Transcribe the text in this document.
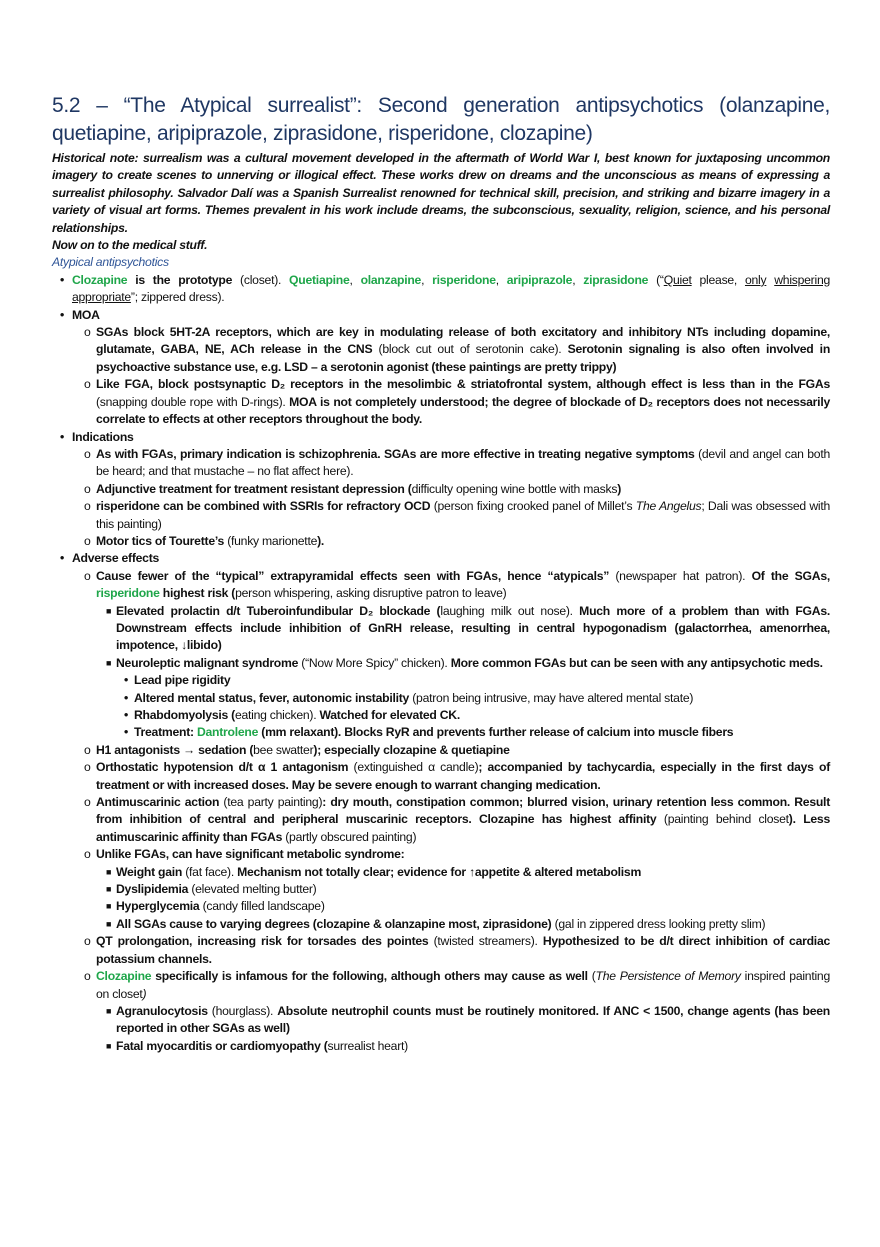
5.2 – “The Atypical surrealist”: Second generation antipsychotics (olanzapine, quetiapine, aripiprazole, ziprasidone, risperidone, clozapine)
Historical note: surrealism was a cultural movement developed in the aftermath of World War I, best known for juxtaposing uncommon imagery to create scenes to unnerving or illogical effect. These works drew on dreams and the unconscious as means of expressing a surrealist philosophy. Salvador Dalí was a Spanish Surrealist renowned for technical skill, precision, and striking and bizarre imagery in a variety of visual art forms. Themes prevalent in his work include dreams, the subconscious, sexuality, religion, science, and his personal relationships.
Now on to the medical stuff.
Atypical antipsychotics
• Clozapine is the prototype (closet). Quetiapine, olanzapine, risperidone, aripiprazole, ziprasidone (“Quiet please, only whispering appropriate”; zippered dress).
• MOA
o SGAs block 5HT-2A receptors, which are key in modulating release of both excitatory and inhibitory NTs including dopamine, glutamate, GABA, NE, ACh release in the CNS (block cut out of serotonin cake). Serotonin signaling is also often involved in psychoactive substance use, e.g. LSD – a serotonin agonist (these paintings are pretty trippy)
o Like FGA, block postsynaptic D₂ receptors in the mesolimbic & striatofrontal system, although effect is less than in the FGAs (snapping double rope with D-rings). MOA is not completely understood; the degree of blockade of D₂ receptors does not necessarily correlate to effects at other receptors throughout the body.
• Indications
o As with FGAs, primary indication is schizophrenia. SGAs are more effective in treating negative symptoms (devil and angel can both be heard; and that mustache – no flat affect here).
o Adjunctive treatment for treatment resistant depression (difficulty opening wine bottle with masks)
o risperidone can be combined with SSRIs for refractory OCD (person fixing crooked panel of Millet’s The Angelus; Dali was obsessed with this painting)
o Motor tics of Tourette’s (funky marionette).
• Adverse effects
o Cause fewer of the “typical” extrapyramidal effects seen with FGAs, hence “atypicals” (newspaper hat patron). Of the SGAs, risperidone highest risk (person whispering, asking disruptive patron to leave)
■ Elevated prolactin d/t Tuberoinfundibular D₂ blockade (laughing milk out nose). Much more of a problem than with FGAs. Downstream effects include inhibition of GnRH release, resulting in central hypogonadism (galactorrhea, amenorrhea, impotence, ↓libido)
■ Neuroleptic malignant syndrome (“Now More Spicy” chicken). More common FGAs but can be seen with any antipsychotic meds.
• Lead pipe rigidity
• Altered mental status, fever, autonomic instability (patron being intrusive, may have altered mental state)
• Rhabdomyolysis (eating chicken). Watched for elevated CK.
• Treatment: Dantrolene (mm relaxant). Blocks RyR and prevents further release of calcium into muscle fibers
o H1 antagonists → sedation (bee swatter); especially clozapine & quetiapine
o Orthostatic hypotension d/t α 1 antagonism (extinguished α candle); accompanied by tachycardia, especially in the first days of treatment or with increased doses. May be severe enough to warrant changing medication.
o Antimuscarinic action (tea party painting): dry mouth, constipation common; blurred vision, urinary retention less common. Result from inhibition of central and peripheral muscarinic receptors. Clozapine has highest affinity (painting behind closet). Less antimuscarinic affinity than FGAs (partly obscured painting)
o Unlike FGAs, can have significant metabolic syndrome:
■ Weight gain (fat face). Mechanism not totally clear; evidence for ↑appetite & altered metabolism
■ Dyslipidemia (elevated melting butter)
■ Hyperglycemia (candy filled landscape)
■ All SGAs cause to varying degrees (clozapine & olanzapine most, ziprasidone) (gal in zippered dress looking pretty slim)
o QT prolongation, increasing risk for torsades des pointes (twisted streamers). Hypothesized to be d/t direct inhibition of cardiac potassium channels.
o Clozapine specifically is infamous for the following, although others may cause as well (The Persistence of Memory inspired painting on closet)
■ Agranulocytosis (hourglass). Absolute neutrophil counts must be routinely monitored. If ANC < 1500, change agents (has been reported in other SGAs as well)
■ Fatal myocarditis or cardiomyopathy (surrealist heart)
